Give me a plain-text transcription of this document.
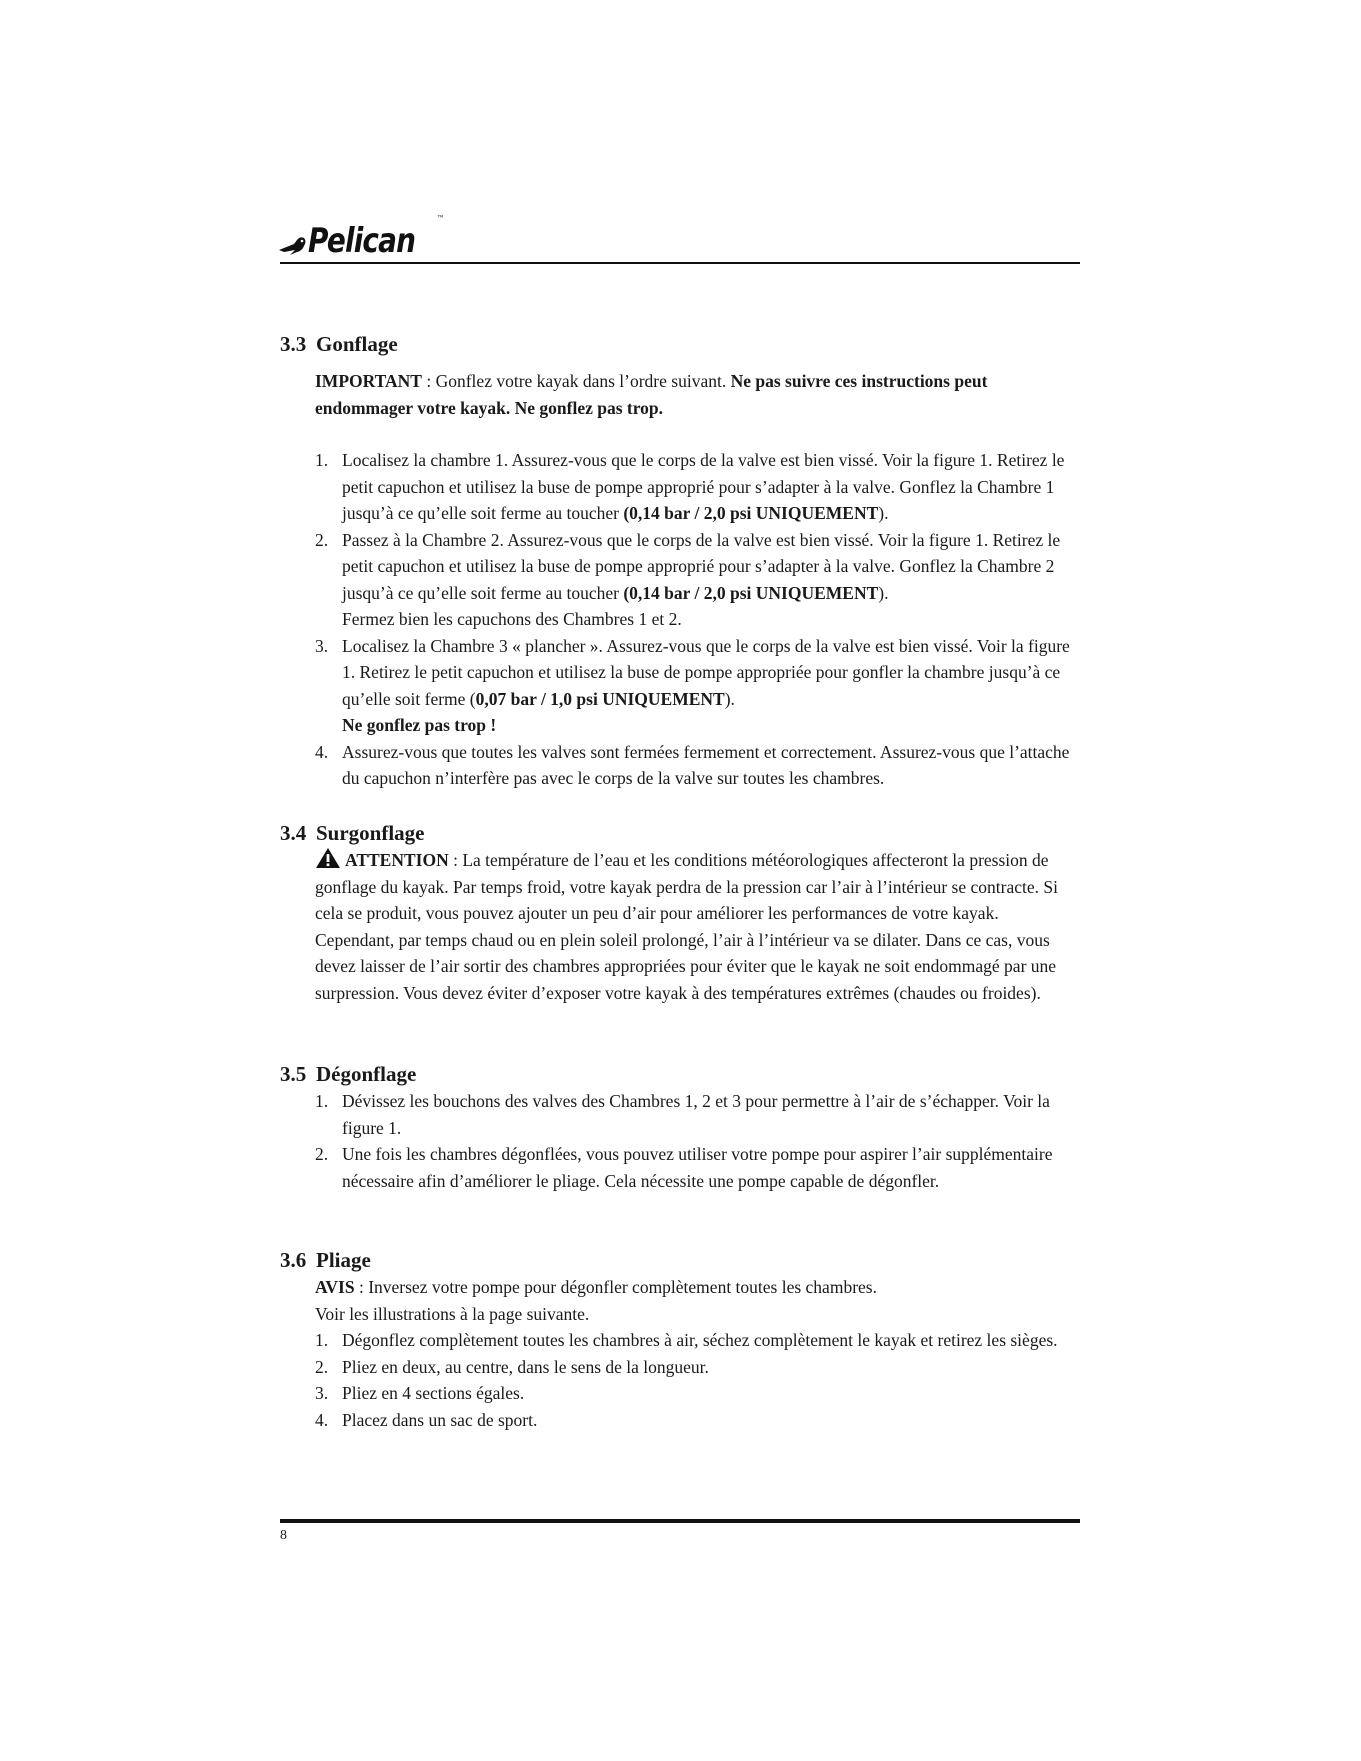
Pelican
™
3.3 Gonflage

IMPORTANT : Gonflez votre kayak dans l’ordre suivant. Ne pas suivre ces instructions peut endommager votre kayak. Ne gonflez pas trop.

1. Localisez la chambre 1. Assurez-vous que le corps de la valve est bien vissé. Voir la figure 1. Retirez le petit capuchon et utilisez la buse de pompe approprié pour s’adapter à la valve. Gonflez la Chambre 1 jusqu’à ce qu’elle soit ferme au toucher (0,14 bar / 2,0 psi UNIQUEMENT).
2. Passez à la Chambre 2. Assurez-vous que le corps de la valve est bien vissé. Voir la figure 1. Retirez le petit capuchon et utilisez la buse de pompe approprié pour s’adapter à la valve. Gonflez la Chambre 2 jusqu’à ce qu’elle soit ferme au toucher (0,14 bar / 2,0 psi UNIQUEMENT).
Fermez bien les capuchons des Chambres 1 et 2.
3. Localisez la Chambre 3 « plancher ». Assurez-vous que le corps de la valve est bien vissé. Voir la figure 1. Retirez le petit capuchon et utilisez la buse de pompe appropriée pour gonfler la chambre jusqu’à ce qu’elle soit ferme (0,07 bar / 1,0 psi UNIQUEMENT).
Ne gonflez pas trop !
4. Assurez-vous que toutes les valves sont fermées fermement et correctement. Assurez-vous que l’attache du capuchon n’interfère pas avec le corps de la valve sur toutes les chambres.
3.4 Surgonflage

ATTENTION : La température de l’eau et les conditions météorologiques affecteront la pression de gonflage du kayak. Par temps froid, votre kayak perdra de la pression car l’air à l’intérieur se contracte. Si cela se produit, vous pouvez ajouter un peu d’air pour améliorer les performances de votre kayak. Cependant, par temps chaud ou en plein soleil prolongé, l’air à l’intérieur va se dilater. Dans ce cas, vous devez laisser de l’air sortir des chambres appropriées pour éviter que le kayak ne soit endommagé par une surpression. Vous devez éviter d’exposer votre kayak à des températures extrêmes (chaudes ou froides).

3.5 Dégonflage
1. Dévissez les bouchons des valves des Chambres 1, 2 et 3 pour permettre à l’air de s’échapper. Voir la figure 1.
2. Une fois les chambres dégonflées, vous pouvez utiliser votre pompe pour aspirer l’air supplémentaire nécessaire afin d’améliorer le pliage. Cela nécessite une pompe capable de dégonfler.
3.6 Pliage

AVIS : Inversez votre pompe pour dégonfler complètement toutes les chambres.
Voir les illustrations à la page suivante.

1. Dégonflez complètement toutes les chambres à air, séchez complètement le kayak et retirez les sièges.
2. Pliez en deux, au centre, dans le sens de la longueur.
3. Pliez en 4 sections égales.
4. Placez dans un sac de sport.
8
